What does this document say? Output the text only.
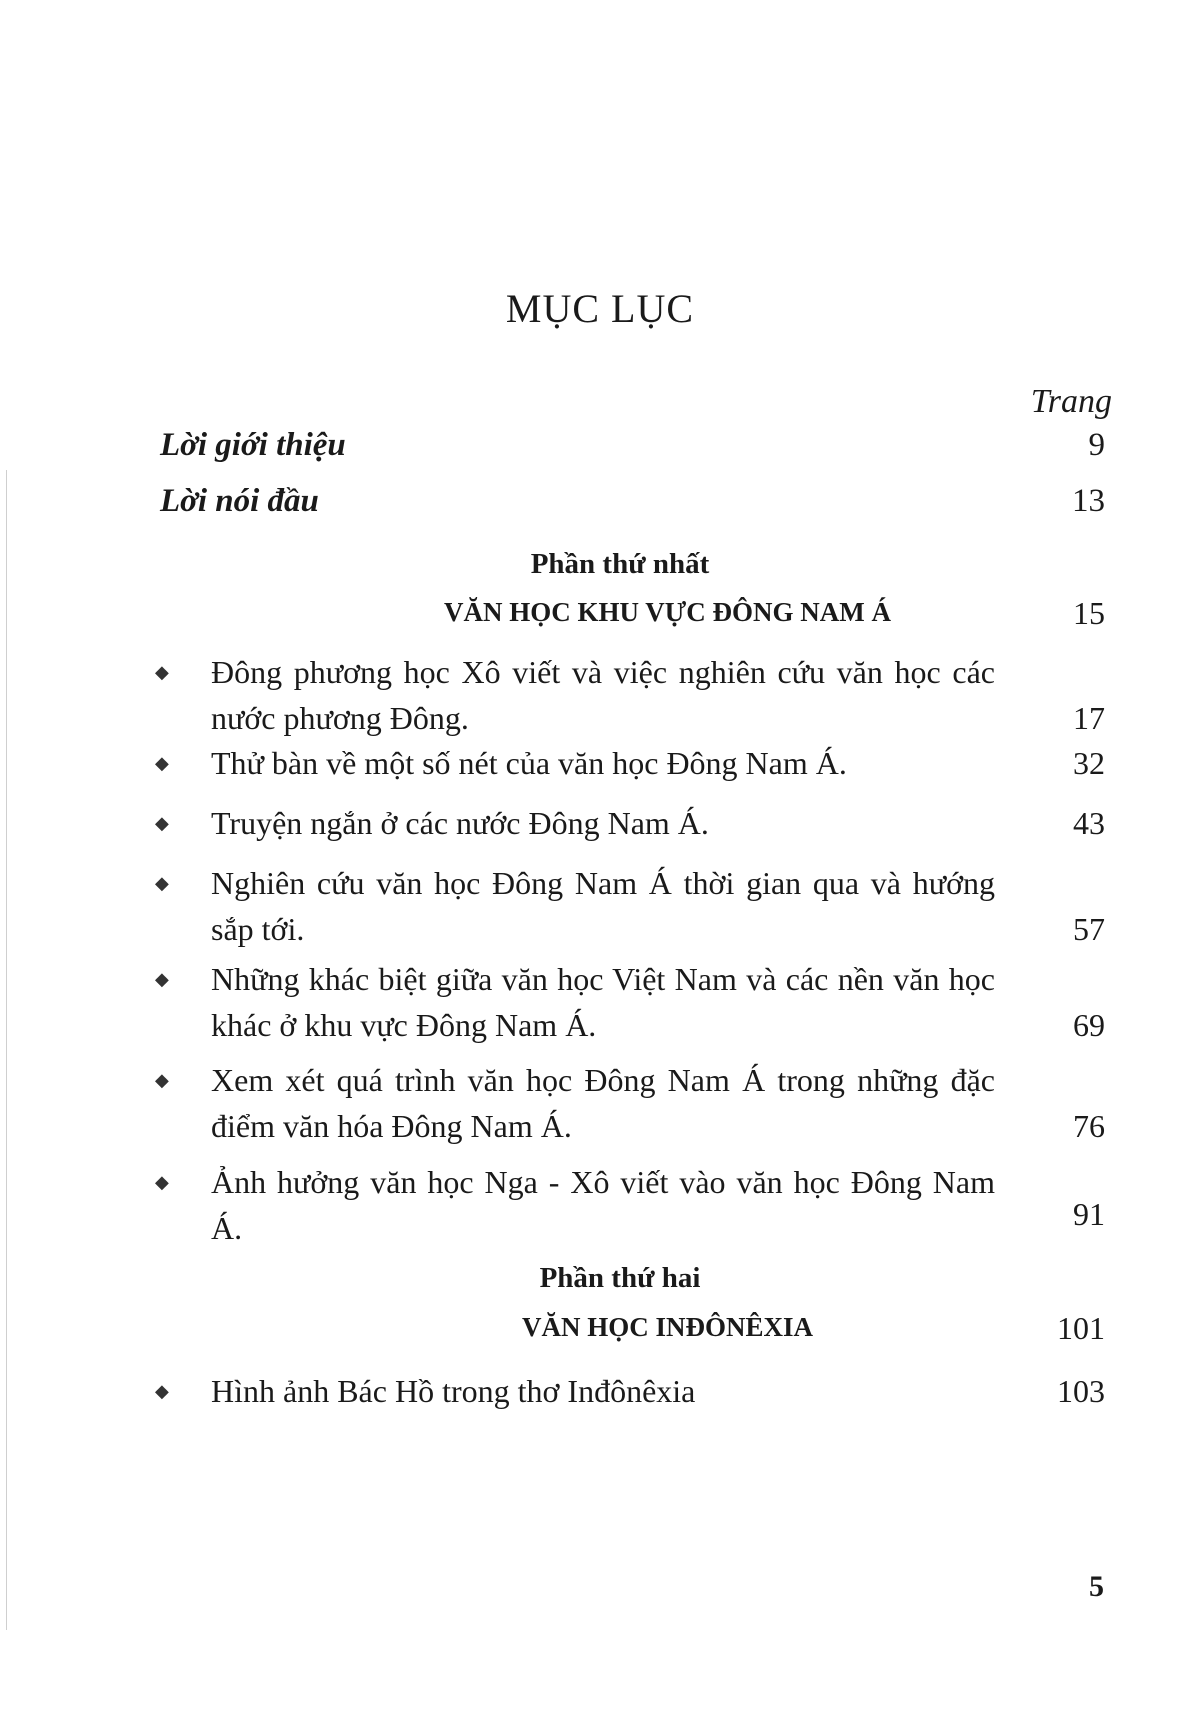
MỤC LỤC
Trang
Lời giới thiệu	9
Lời nói đầu	13
Phần thứ nhất
VĂN HỌC KHU VỰC ĐÔNG NAM Á	15
◆ Đông phương học Xô viết và việc nghiên cứu văn học các nước phương Đông.	17
◆ Thử bàn về một số nét của văn học Đông Nam Á.	32
◆ Truyện ngắn ở các nước Đông Nam Á.	43
◆ Nghiên cứu văn học Đông Nam Á thời gian qua và hướng sắp tới.	57
◆ Những khác biệt giữa văn học Việt Nam và các nền văn học khác ở khu vực Đông Nam Á.	69
◆ Xem xét quá trình văn học Đông Nam Á trong những đặc điểm văn hóa Đông Nam Á.	76
◆ Ảnh hưởng văn học Nga - Xô viết vào văn học Đông Nam Á.	91
Phần thứ hai
VĂN HỌC INĐÔNÊXIA	101
◆ Hình ảnh Bác Hồ trong thơ Inđônêxia	103
5
